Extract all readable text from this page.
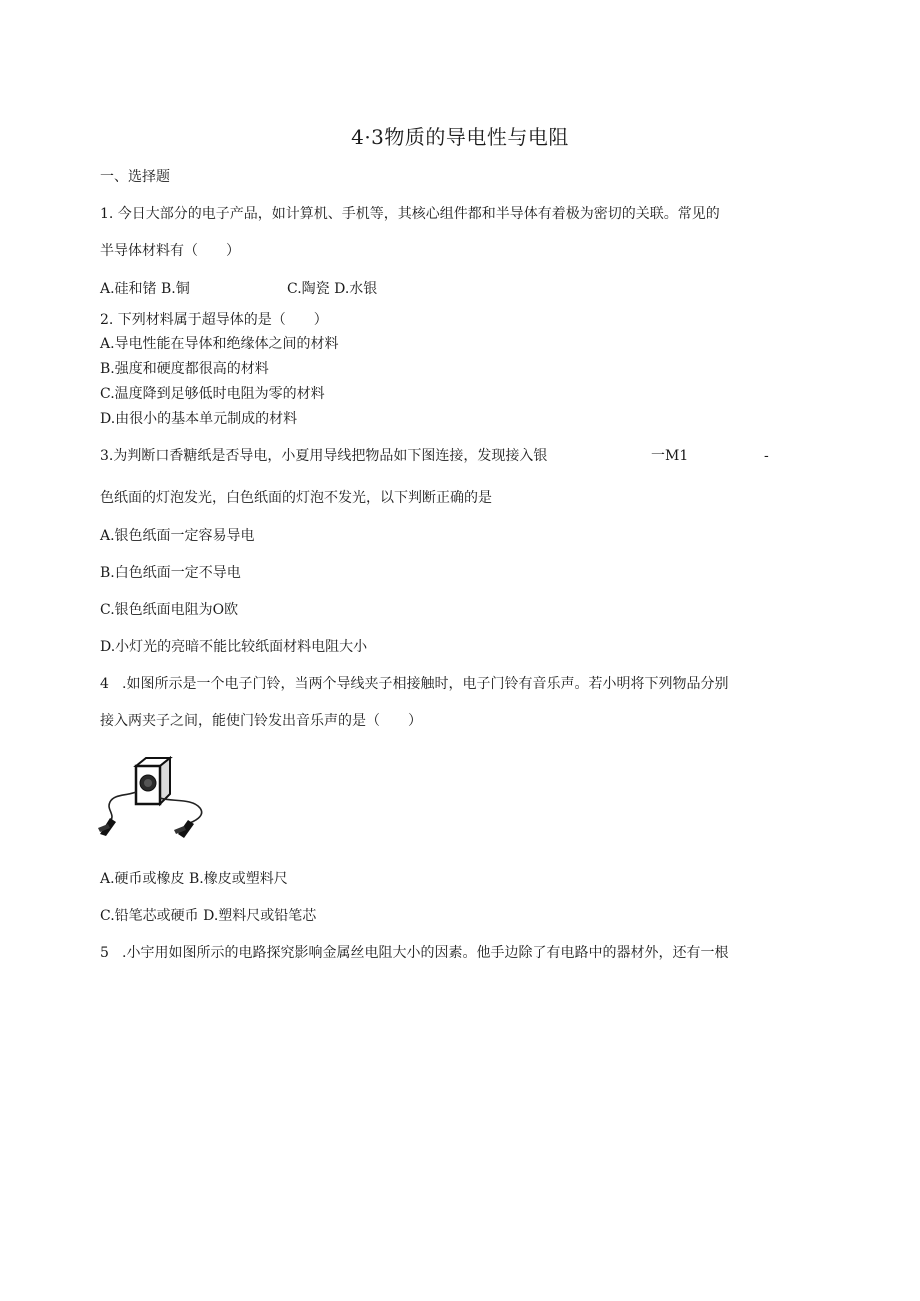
4·3物质的导电性与电阻
一、选择题
1. 今日大部分的电子产品，如计算机、手机等，其核心组件都和半导体有着极为密切的关联。常见的
半导体材料有（　　）
A.硅和锗 B.铜	C.陶瓷 D.水银
2. 下列材料属于超导体的是（　　）
A.导电性能在导体和绝缘体之间的材料
B.强度和硬度都很高的材料
C.温度降到足够低时电阻为零的材料
D.由很小的基本单元制成的材料
3.为判断口香糖纸是否导电，小夏用导线把物品如下图连接，发现接入银	一M1	-
色纸面的灯泡发光，白色纸面的灯泡不发光，以下判断正确的是
A.银色纸面一定容易导电
B.白色纸面一定不导电
C.银色纸面电阻为O欧
D.小灯光的亮暗不能比较纸面材料电阻大小
4 .如图所示是一个电子门铃，当两个导线夹子相接触时，电子门铃有音乐声。若小明将下列物品分别
接入两夹子之间，能使门铃发出音乐声的是（　　）
A.硬币或橡皮 B.橡皮或塑料尺
C.铅笔芯或硬币 D.塑料尺或铅笔芯
5 .小宇用如图所示的电路探究影响金属丝电阻大小的因素。他手边除了有电路中的器材外，还有一根
